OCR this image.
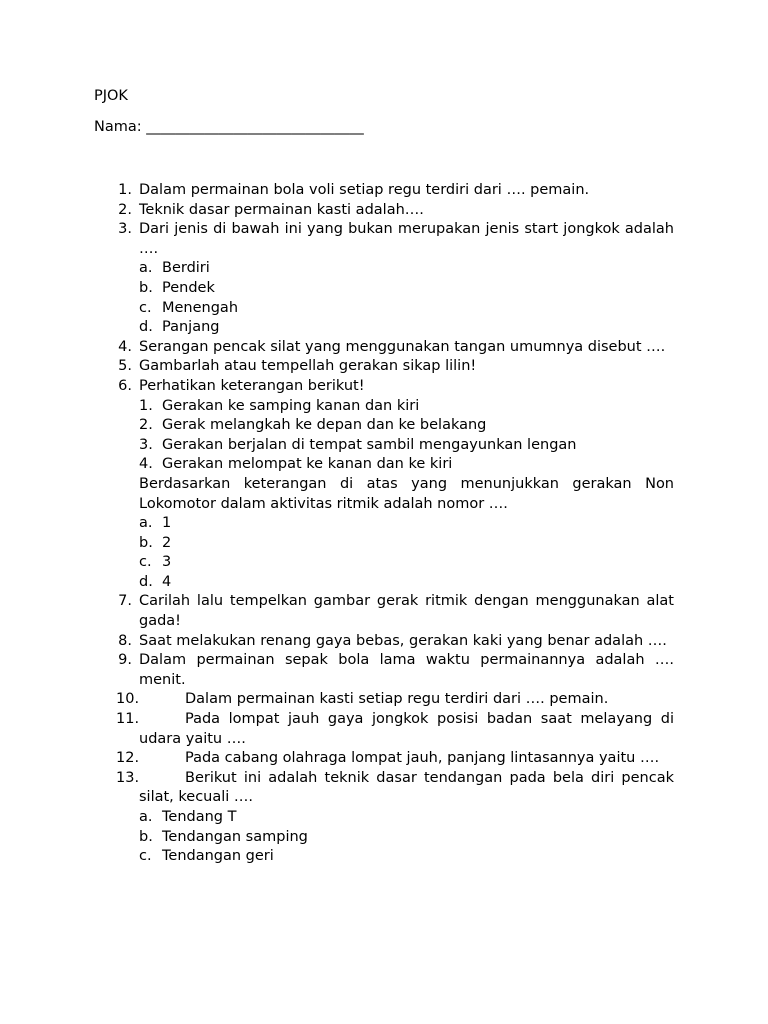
PJOK
Nama: ______________________________
1. Dalam permainan bola voli setiap regu terdiri dari …. pemain.
2. Teknik dasar permainan kasti adalah….
3. Dari jenis di bawah ini yang bukan merupakan jenis start jongkok adalah ….
a. Berdiri
b. Pendek
c. Menengah
d. Panjang
4. Serangan pencak silat yang menggunakan tangan umumnya disebut ….
5. Gambarlah atau tempellah gerakan sikap lilin!
6. Perhatikan keterangan berikut!
1. Gerakan ke samping kanan dan kiri
2. Gerak melangkah ke depan dan ke belakang
3. Gerakan berjalan di tempat sambil mengayunkan lengan
4. Gerakan melompat ke kanan dan ke kiri
Berdasarkan keterangan di atas yang menunjukkan gerakan Non Lokomotor dalam aktivitas ritmik adalah nomor ….
a. 1
b. 2
c. 3
d. 4
7. Carilah lalu tempelkan gambar gerak ritmik dengan menggunakan alat gada!
8. Saat melakukan renang gaya bebas, gerakan kaki yang benar adalah ….
9. Dalam permainan sepak bola lama waktu permainannya adalah …. menit.
10.	Dalam permainan kasti setiap regu terdiri dari …. pemain.
11.	Pada lompat jauh gaya jongkok posisi badan saat melayang di udara yaitu ….
12.	Pada cabang olahraga lompat jauh, panjang lintasannya yaitu ….
13.	Berikut ini adalah teknik dasar tendangan pada bela diri pencak silat, kecuali ….
a. Tendang T
b. Tendangan samping
c. Tendangan geri
